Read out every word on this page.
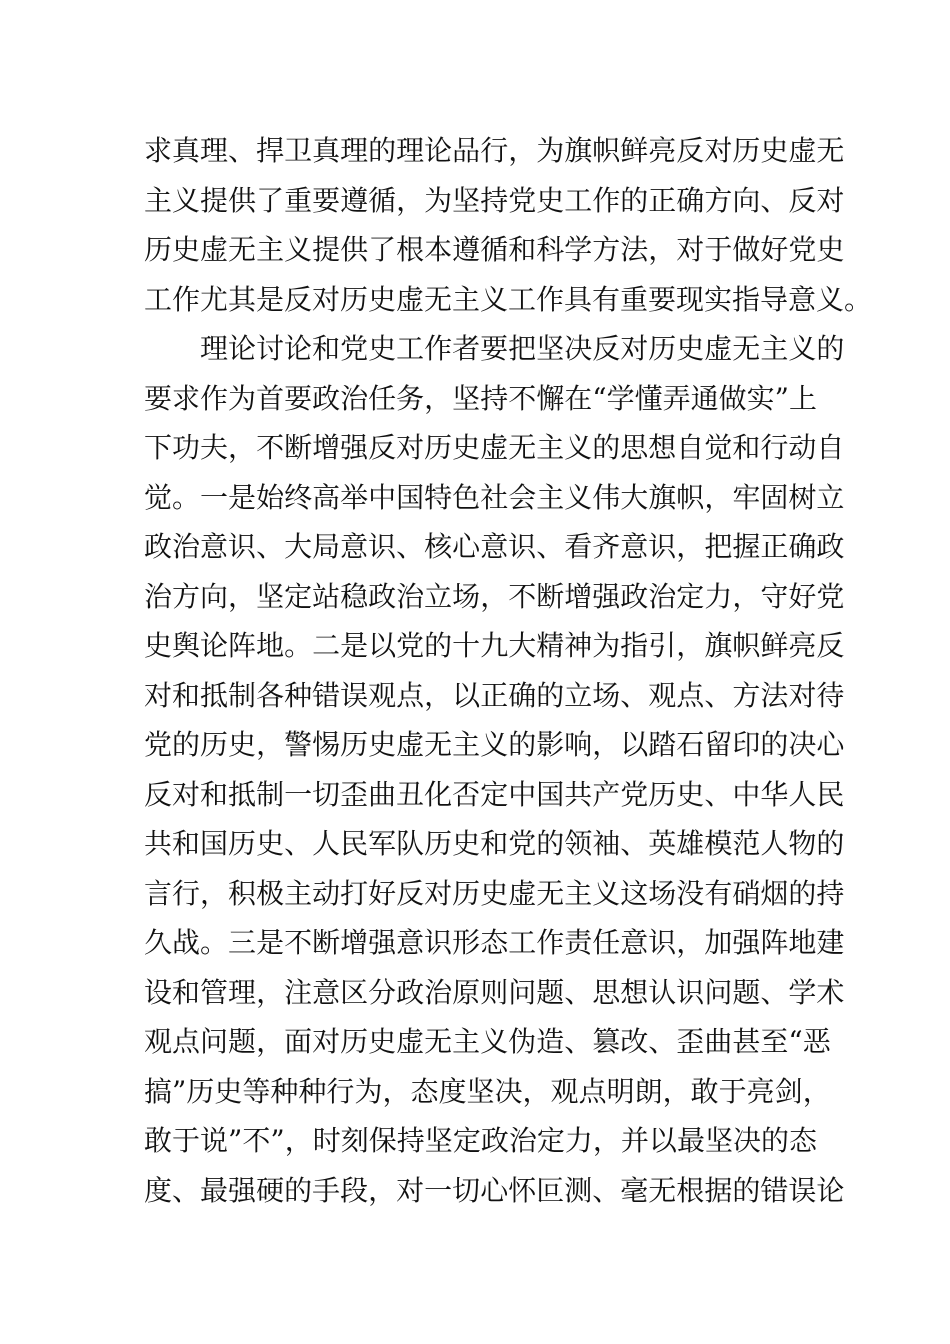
求 真 理 、 捍 卫 真 理 的 理 论 品 行 ， 为 旗 帜 鲜 亮 反 对 历 史 虚 无
主 义 提 供 了 重 要 遵 循 ， 为 坚 持 党 史 工 作 的 正 确 方 向 、 反 对
历 史 虚 无 主 义 提 供 了 根 本 遵 循 和 科 学 方 法 ， 对 于 做 好 党 史
工作尤其是反对历史虚无主义工作具有重要现实指导意义。
理 论 讨 论 和 党 史 工 作 者 要 把 坚 决 反 对 历 史 虚 无 主 义 的
要 求 作 为 首 要 政 治 任 务 ， 坚 持 不 懈 在 “ 学 懂 弄 通 做 实 ” 上
下 功 夫 ， 不 断 增 强 反 对 历 史 虚 无 主 义 的 思 想 自 觉 和 行 动 自
觉 。 一 是 始 终 高 举 中 国 特 色 社 会 主 义 伟 大 旗 帜 ， 牢 固 树 立
政 治 意 识 、 大 局 意 识 、 核 心 意 识 、 看 齐 意 识 ， 把 握 正 确 政
治 方 向 ， 坚 定 站 稳 政 治 立 场 ， 不 断 增 强 政 治 定 力 ， 守 好 党
史 舆 论 阵 地 。 二 是 以 党 的 十 九 大 精 神 为 指 引 ， 旗 帜 鲜 亮 反
对 和 抵 制 各 种 错 误 观 点 ， 以 正 确 的 立 场 、 观 点 、 方 法 对 待
党 的 历 史 ， 警 惕 历 史 虚 无 主 义 的 影 响 ， 以 踏 石 留 印 的 决 心
反 对 和 抵 制 一 切 歪 曲 丑 化 否 定 中 国 共 产 党 历 史 、 中 华 人 民
共 和 国 历 史 、 人 民 军 队 历 史 和 党 的 领 袖 、 英 雄 模 范 人 物 的
言 行 ， 积 极 主 动 打 好 反 对 历 史 虚 无 主 义 这 场 没 有 硝 烟 的 持
久 战 。 三 是 不 断 增 强 意 识 形 态 工 作 责 任 意 识 ， 加 强 阵 地 建
设 和 管 理 ， 注 意 区 分 政 治 原 则 问 题 、 思 想 认 识 问 题 、 学 术
观 点 问 题 ， 面 对 历 史 虚 无 主 义 伪 造 、 篡 改 、 歪 曲 甚 至 “ 恶
搞 ” 历 史 等 种 种 行 为 ， 态 度 坚 决 ， 观 点 明 朗 ， 敢 于 亮 剑 ，
敢 于 说 ” 不 ” ， 时 刻 保 持 坚 定 政 治 定 力 ， 并 以 最 坚 决 的 态
度 、 最 强 硬 的 手 段 ， 对 一 切 心 怀 叵 测 、 毫 无 根 据 的 错 误 论
